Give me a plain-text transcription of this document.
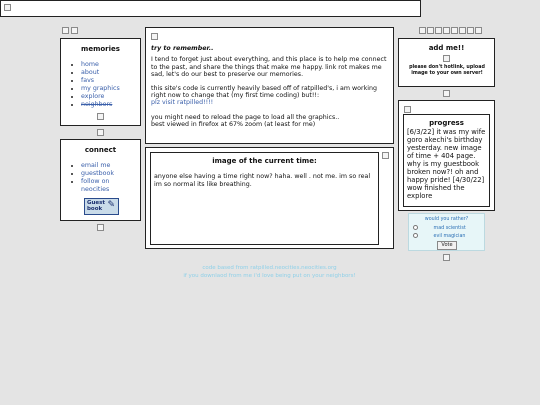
memories
• home
• about
• favs
• my graphics
• explore
• neighbors
connect
• email me
• guestbook
• follow on
neocities
Guest
book ✎
try to remember..

I tend to forget just about everything, and this place is to help me connect to the past, and share the things that make me happy. link rot makes me sad, let's do our best to preserve our memories.

this site's code is currently heavily based off of ratpilled's, i am working right now to change that (my first time coding) but!!:

plz visit ratpilled!!!!

you might need to reload the page to load all the graphics..

best viewed in firefox at 67% zoom (at least for me)

image of the current time:

anyone else having a time right now? haha. well . not me. im so real im so normal its like breathing.

code based from ratpilled.neocities.neocities.org
if you downlaod from me i'd love being put on your neighbors!
add me!!

please don't hotlink, upload image to your own server!

progress

[6/3/22] it was my wife goro akechi's birthday yesterday. new image of time + 404 page. why is my guestbook broken now?! oh and happy pride! [4/30/22] wow finished the explore

would you rather?
mad scientist
evil magician
Vote
